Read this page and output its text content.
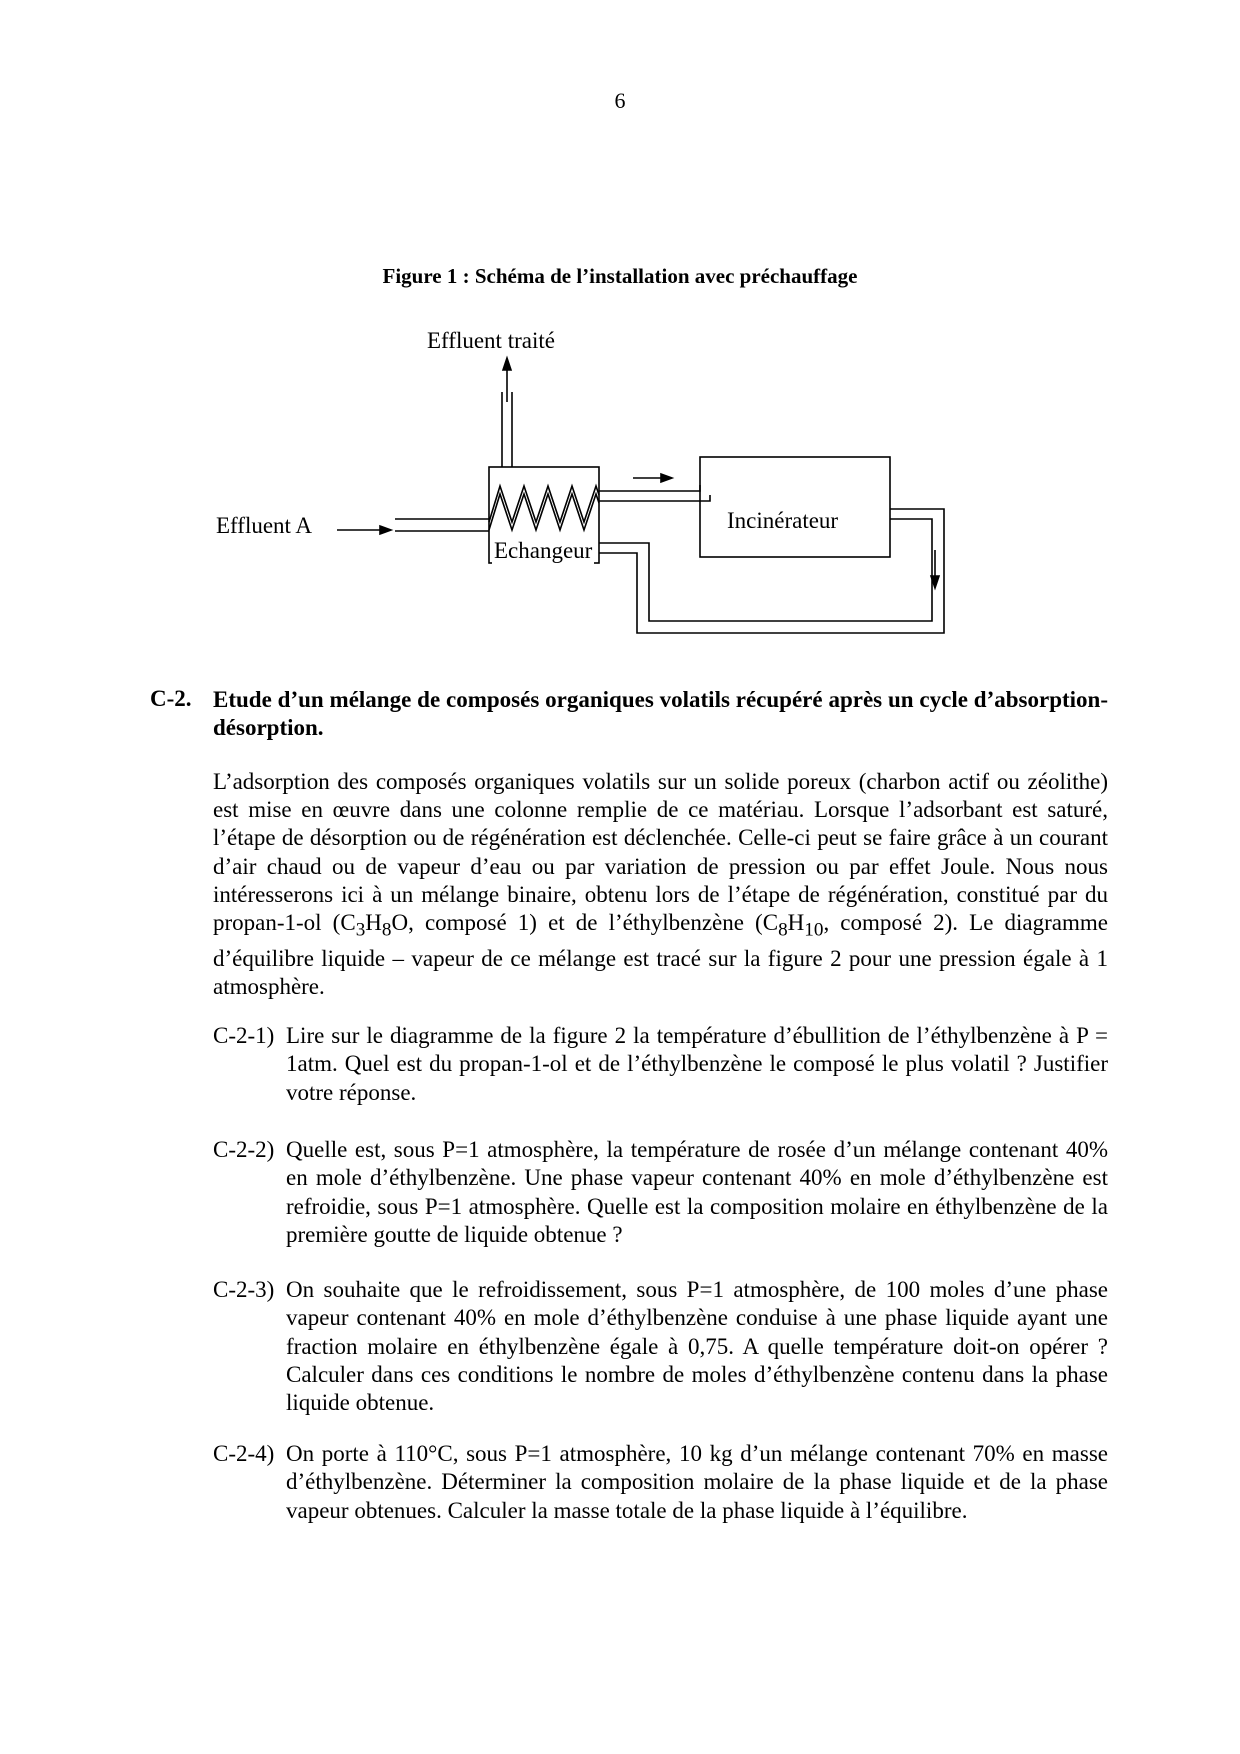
6
Figure 1 : Schéma de l’installation avec préchauffage
Effluent traité
Effluent A	Incinérateur
Echangeur
C-2. Etude d’un mélange de composés organiques volatils récupéré après un cycle d’absorption-désorption.
L’adsorption des composés organiques volatils sur un solide poreux (charbon actif ou zéolithe) est mise en œuvre dans une colonne remplie de ce matériau. Lorsque l’adsorbant est saturé, l’étape de désorption ou de régénération est déclenchée. Celle-ci peut se faire grâce à un courant d’air chaud ou de vapeur d’eau ou par variation de pression ou par effet Joule. Nous nous intéresserons ici à un mélange binaire, obtenu lors de l’étape de régénération, constitué par du propan-1-ol ($C_3H_8O$, composé 1) et de l’éthylbenzène ($C_8H_{10}$, composé 2). Le diagramme d’équilibre liquide – vapeur de ce mélange est tracé sur la figure 2 pour une pression égale à 1 atmosphère.
C-2-1) Lire sur le diagramme de la figure 2 la température d’ébullition de l’éthylbenzène à P = 1atm. Quel est du propan-1-ol et de l’éthylbenzène le composé le plus volatil ? Justifier votre réponse.
C-2-2) Quelle est, sous P=1 atmosphère, la température de rosée d’un mélange contenant 40% en mole d’éthylbenzène. Une phase vapeur contenant 40% en mole d’éthylbenzène est refroidie, sous P=1 atmosphère. Quelle est la composition molaire en éthylbenzène de la première goutte de liquide obtenue ?
C-2-3) On souhaite que le refroidissement, sous P=1 atmosphère, de 100 moles d’une phase vapeur contenant 40% en mole d’éthylbenzène conduise à une phase liquide ayant une fraction molaire en éthylbenzène égale à 0,75. A quelle température doit-on opérer ? Calculer dans ces conditions le nombre de moles d’éthylbenzène contenu dans la phase liquide obtenue.
C-2-4) On porte à 110°C, sous P=1 atmosphère, 10 kg d’un mélange contenant 70% en masse d’éthylbenzène. Déterminer la composition molaire de la phase liquide et de la phase vapeur obtenues. Calculer la masse totale de la phase liquide à l’équilibre.
